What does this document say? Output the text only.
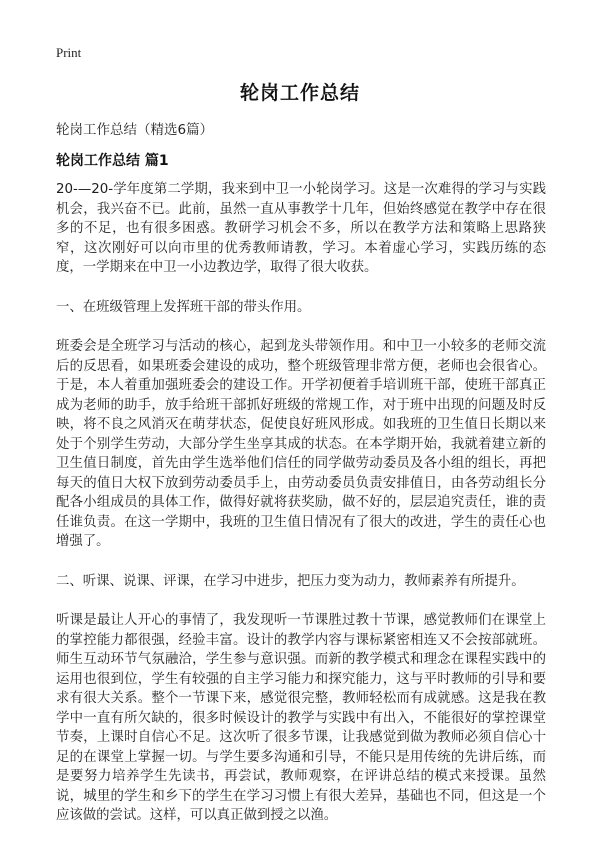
Print
轮岗工作总结
轮岗工作总结（精选6篇）
轮岗工作总结 篇1

20-—20-学年度第二学期，我来到中卫一小轮岗学习。这是一次难得的学习与实践机会，我兴奋不已。此前，虽然一直从事教学十几年，但始终感觉在教学中存在很多的不足，也有很多困惑。教研学习机会不多，所以在教学方法和策略上思路狭窄，这次刚好可以向市里的优秀教师请教，学习。本着虚心学习，实践历练的态度，一学期来在中卫一小边教边学，取得了很大收获。

一、在班级管理上发挥班干部的带头作用。

班委会是全班学习与活动的核心，起到龙头带领作用。和中卫一小较多的老师交流后的反思看，如果班委会建设的成功，整个班级管理非常方便，老师也会很省心。于是，本人着重加强班委会的建设工作。开学初便着手培训班干部，使班干部真正成为老师的助手，放手给班干部抓好班级的常规工作，对于班中出现的问题及时反映，将不良之风消灭在萌芽状态，促使良好班风形成。如我班的卫生值日长期以来处于个别学生劳动，大部分学生坐享其成的状态。在本学期开始，我就着建立新的卫生值日制度，首先由学生选举他们信任的同学做劳动委员及各小组的组长，再把每天的值日大权下放到劳动委员手上，由劳动委员负责安排值日，由各劳动组长分配各小组成员的具体工作，做得好就将获奖励，做不好的，层层追究责任，谁的责任谁负责。在这一学期中，我班的卫生值日情况有了很大的改进，学生的责任心也增强了。

二、听课、说课、评课，在学习中进步，把压力变为动力，教师素养有所提升。

听课是最让人开心的事情了，我发现听一节课胜过教十节课，感觉教师们在课堂上的掌控能力都很强，经验丰富。设计的教学内容与课标紧密相连又不会按部就班。师生互动环节气氛融洽，学生参与意识强。而新的教学模式和理念在课程实践中的运用也很到位，学生有较强的自主学习能力和探究能力，这与平时教师的引导和要求有很大关系。整个一节课下来，感觉很完整，教师轻松而有成就感。这是我在教学中一直有所欠缺的，很多时候设计的教学与实践中有出入，不能很好的掌控课堂节奏，上课时自信心不足。这次听了很多节课，让我感觉到做为教师必须自信心十足的在课堂上掌握一切。与学生要多沟通和引导，不能只是用传统的先讲后练，而是要努力培养学生先读书，再尝试，教师观察，在评讲总结的模式来授课。虽然说，城里的学生和乡下的学生在学习习惯上有很大差异，基础也不同，但这是一个应该做的尝试。这样，可以真正做到授之以渔。
